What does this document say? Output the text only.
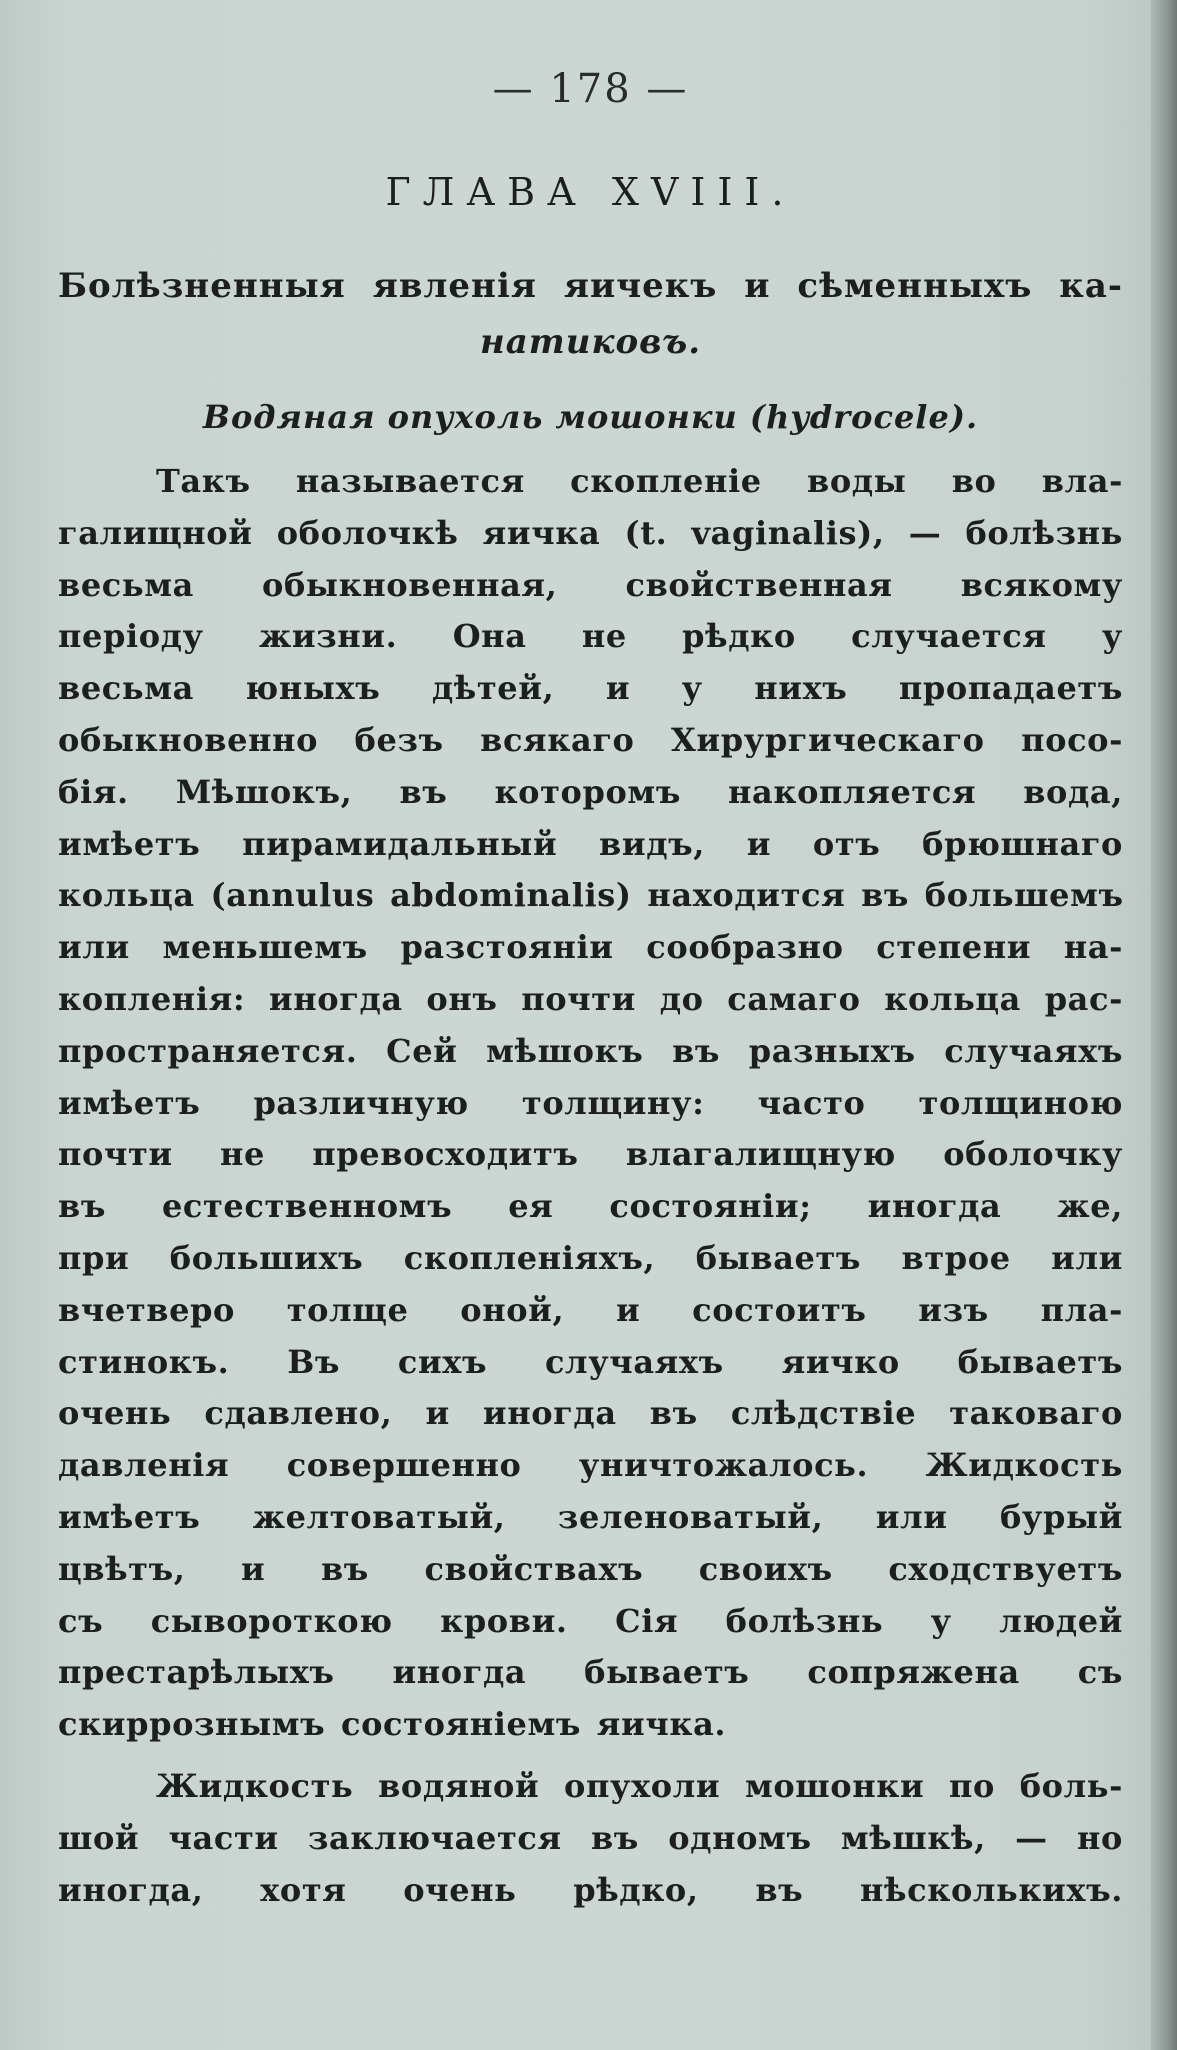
— 178 —
ГЛАВА XVIII.
Болѣзненныя явленія яичекъ и сѣменныхъ ка-
натиковъ.
Водяная опухоль мошонки (hydrocele).
Такъ называется скопленіе воды во вла-
галищной оболочкѣ яичка (t. vaginalis), — болѣзнь
весьма обыкновенная, свойственная всякому
періоду жизни. Она не рѣдко случается у
весьма юныхъ дѣтей, и у нихъ пропадаетъ
обыкновенно безъ всякаго Хирургическаго посо-
бія. Мѣшокъ, въ которомъ накопляется вода,
имѣетъ пирамидальный видъ, и отъ брюшнаго
кольца (annulus abdominalis) находится въ большемъ
или меньшемъ разстояніи сообразно степени на-
копленія: иногда онъ почти до самаго кольца рас-
пространяется. Сей мѣшокъ въ разныхъ случаяхъ
имѣетъ различную толщину: часто толщиною
почти не превосходитъ влагалищную оболочку
въ естественномъ ея состояніи; иногда же,
при большихъ скопленіяхъ, бываетъ втрое или
вчетверо толще оной, и состоитъ изъ пла-
стинокъ. Въ сихъ случаяхъ яичко бываетъ
очень сдавлено, и иногда въ слѣдствіе таковаго
давленія совершенно уничтожалось. Жидкость
имѣетъ желтоватый, зеленоватый, или бурый
цвѣтъ, и въ свойствахъ своихъ сходствуетъ
съ сывороткою крови. Сія болѣзнь у людей
престарѣлыхъ иногда бываетъ сопряжена съ
скиррознымъ состояніемъ яичка.
Жидкость водяной опухоли мошонки по боль-
шой части заключается въ одномъ мѣшкѣ, — но
иногда, хотя очень рѣдко, въ нѣсколькихъ.
